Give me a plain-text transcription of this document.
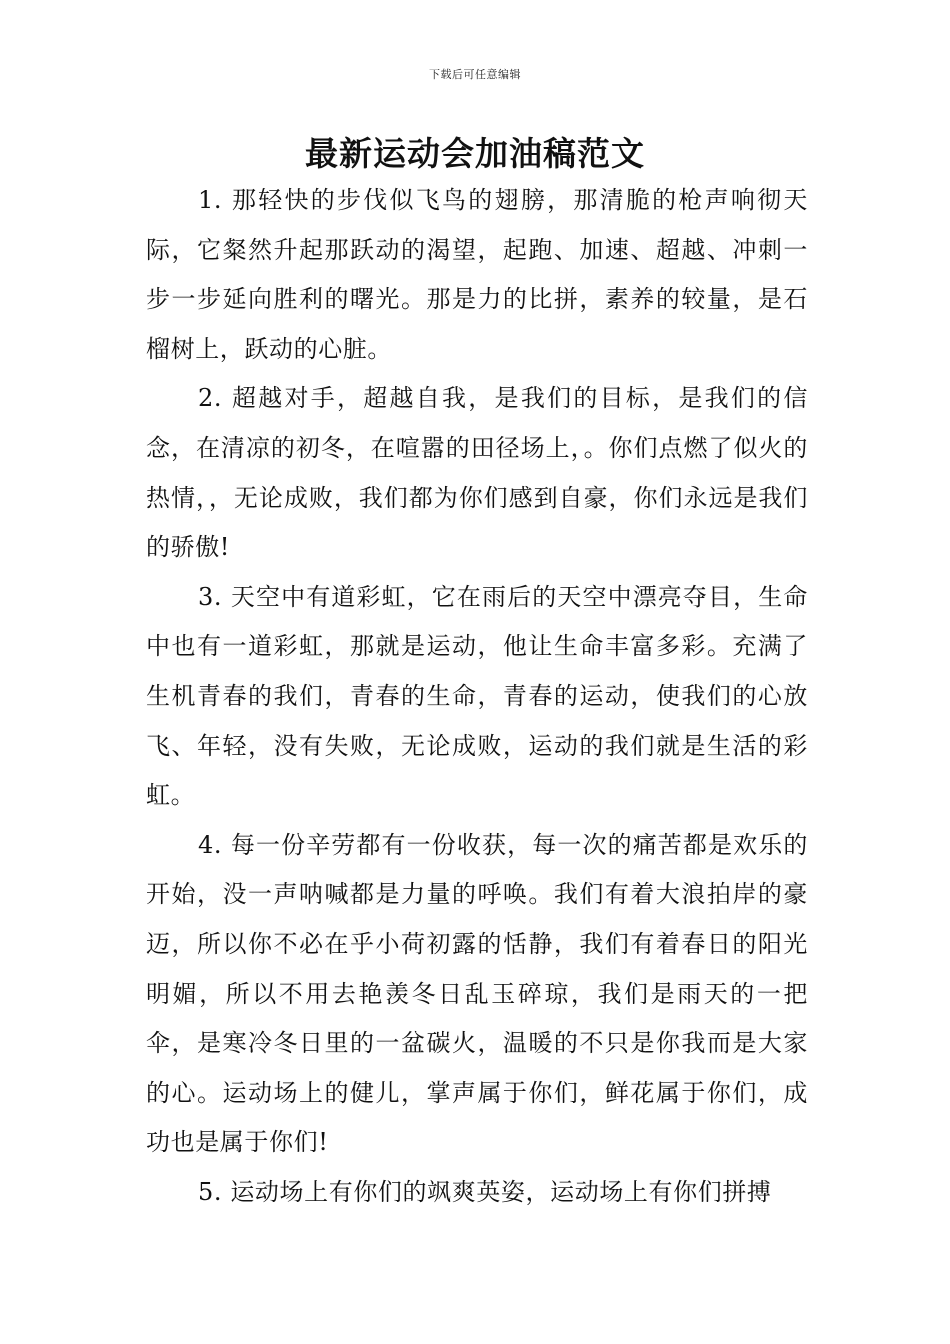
下载后可任意编辑
最新运动会加油稿范文

1. 那轻快的步伐似飞鸟的翅膀，那清脆的枪声响彻天际，它粲然升起那跃动的渴望，起跑、加速、超越、冲刺一步一步延向胜利的曙光。那是力的比拼，素养的较量，是石榴树上，跃动的心脏。

2. 超越对手，超越自我，是我们的目标，是我们的信念，在清凉的初冬，在喧嚣的田径场上，。你们点燃了似火的热情，，无论成败，我们都为你们感到自豪，你们永远是我们的骄傲!

3. 天空中有道彩虹，它在雨后的天空中漂亮夺目，生命中也有一道彩虹，那就是运动，他让生命丰富多彩。充满了生机青春的我们，青春的生命，青春的运动，使我们的心放飞、年轻，没有失败，无论成败，运动的我们就是生活的彩虹。

4. 每一份辛劳都有一份收获，每一次的痛苦都是欢乐的开始，没一声呐喊都是力量的呼唤。我们有着大浪拍岸的豪迈，所以你不必在乎小荷初露的恬静，我们有着春日的阳光明媚，所以不用去艳羡冬日乱玉碎琼，我们是雨天的一把伞，是寒冷冬日里的一盆碳火，温暖的不只是你我而是大家的心。运动场上的健儿，掌声属于你们，鲜花属于你们，成功也是属于你们!

5. 运动场上有你们的飒爽英姿，运动场上有你们拼搏
